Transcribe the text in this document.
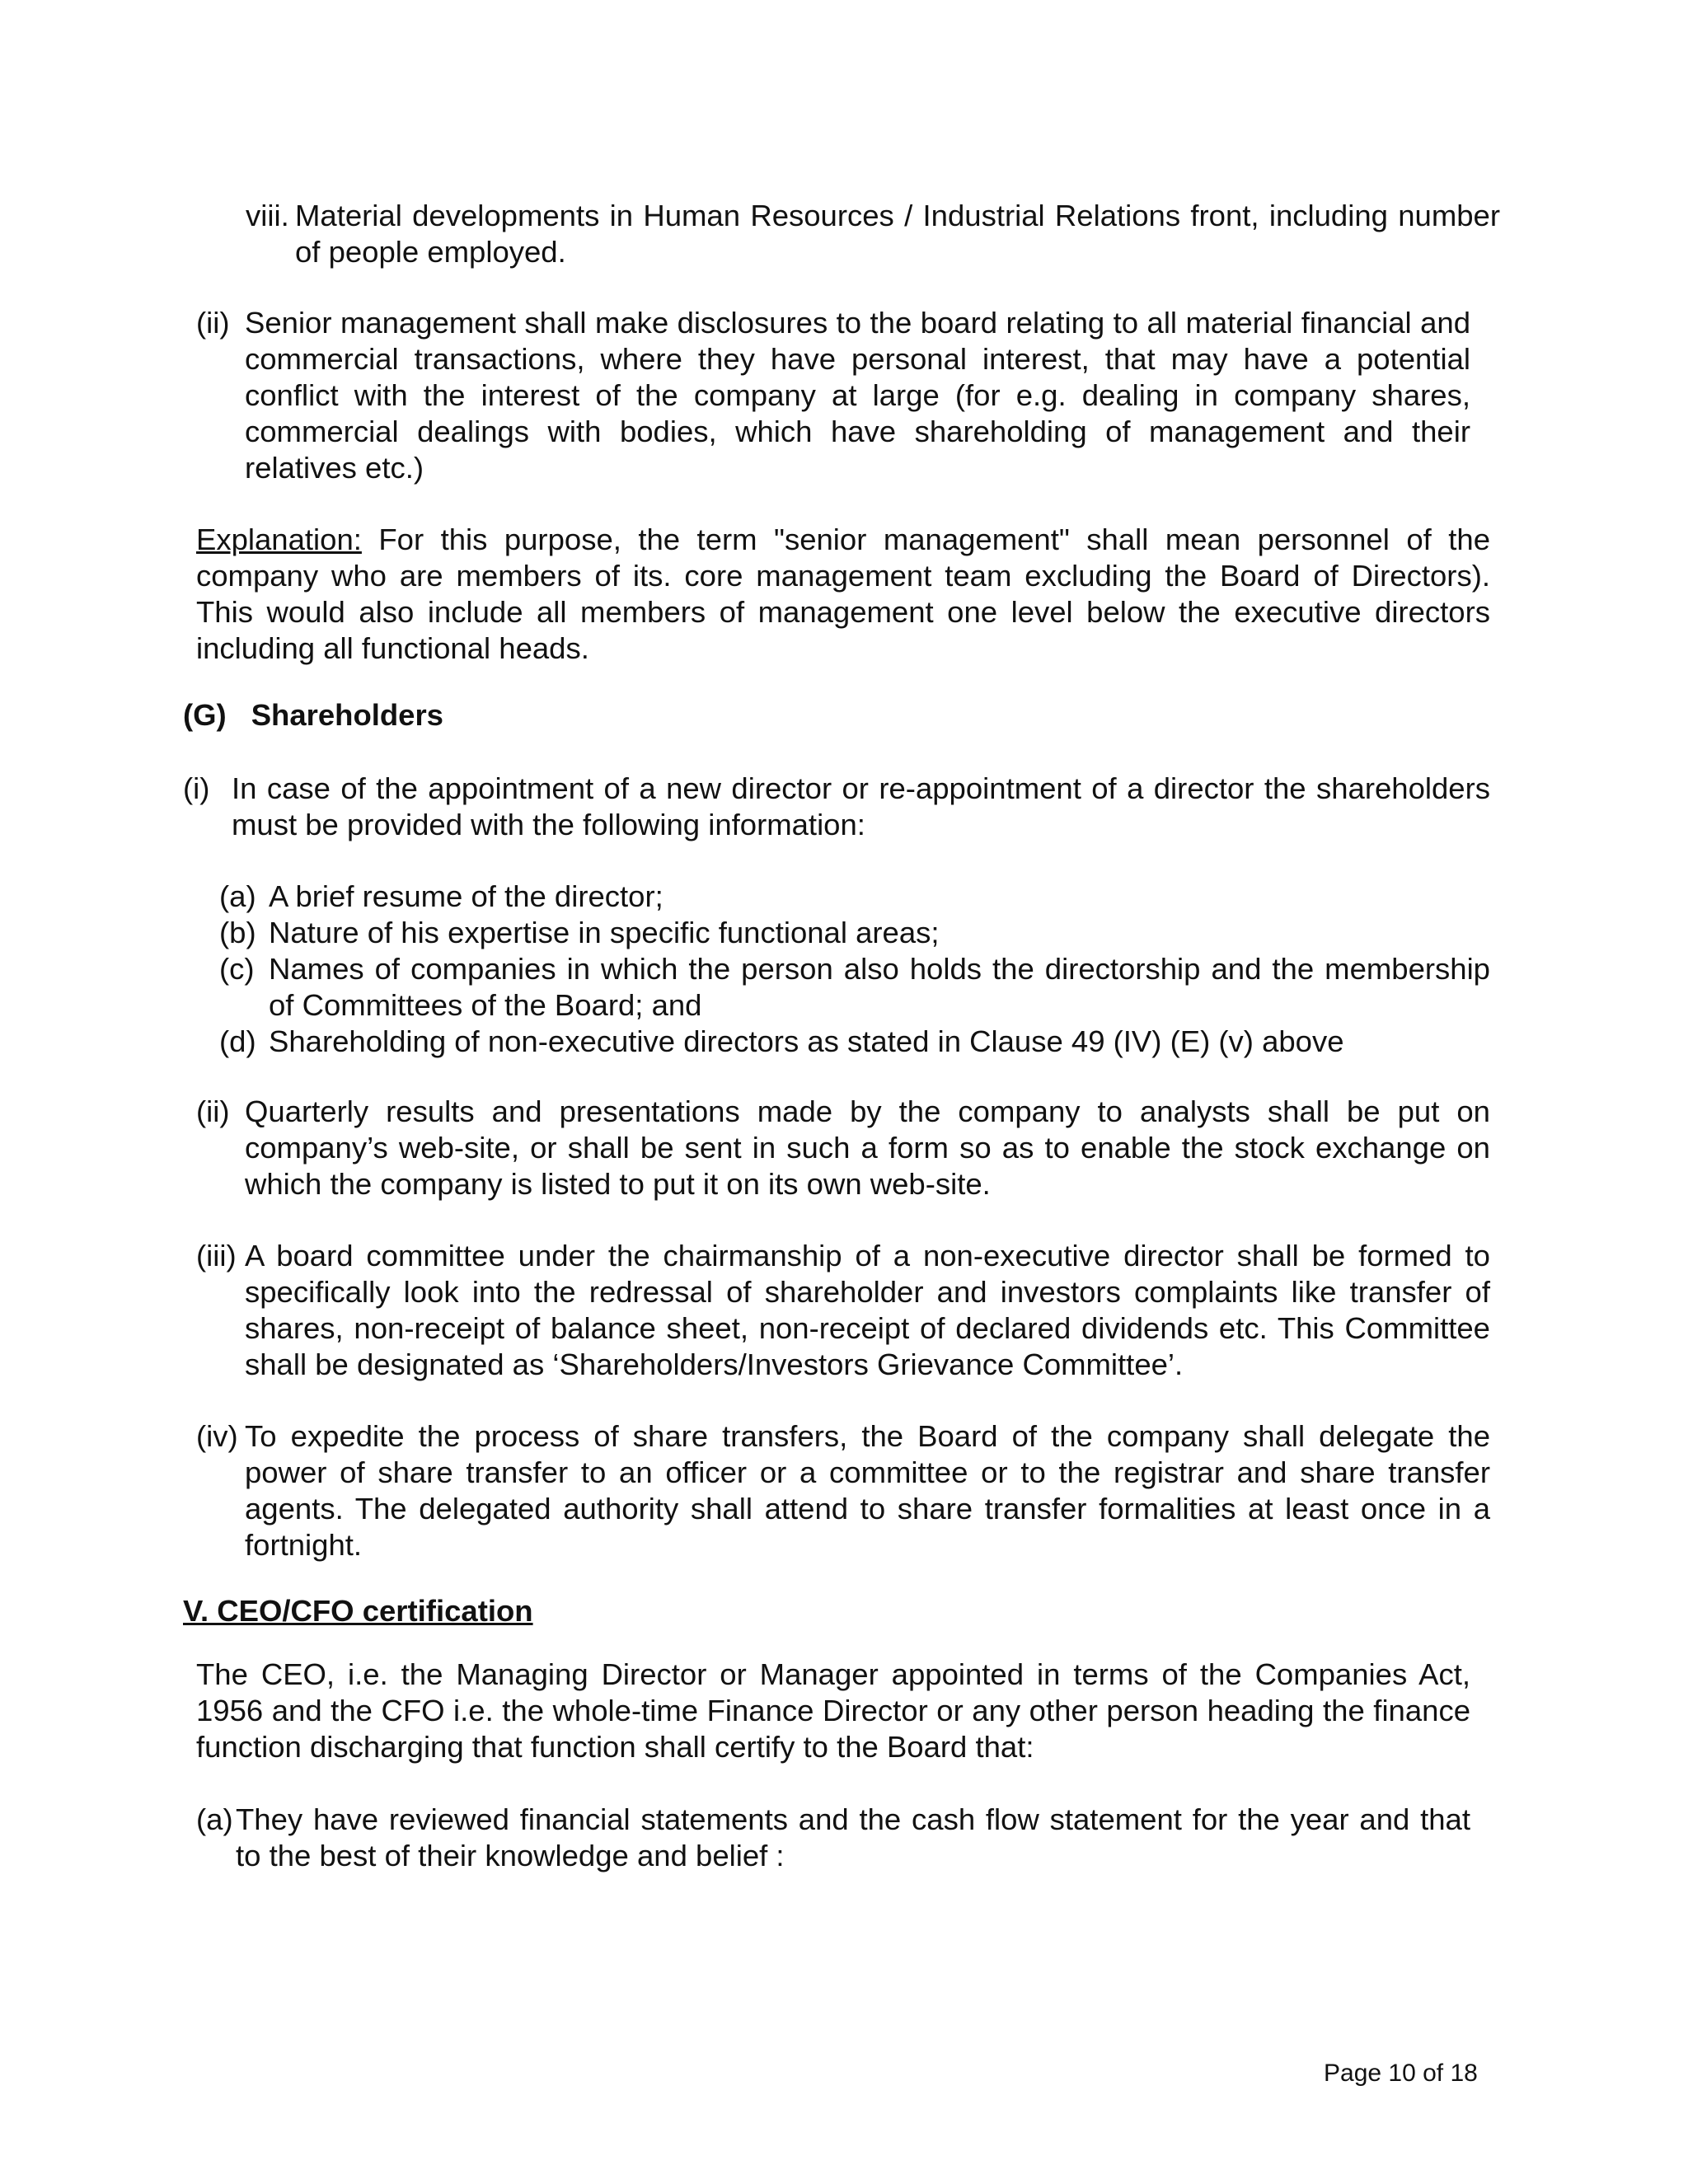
viii. Material developments in Human Resources / Industrial Relations front, including number of people employed.
(ii) Senior management shall make disclosures to the board relating to all material financial and commercial transactions, where they have personal interest, that may have a potential conflict with the interest of the company at large (for e.g. dealing in company shares, commercial dealings with bodies, which have shareholding of management and their relatives etc.)

Explanation: For this purpose, the term "senior management" shall mean personnel of the company who are members of its. core management team excluding the Board of Directors). This would also include all members of management one level below the executive directors including all functional heads.

(G) Shareholders
(i) In case of the appointment of a new director or re-appointment of a director the shareholders must be provided with the following information:
(a) A brief resume of the director;
(b) Nature of his expertise in specific functional areas;
(c) Names of companies in which the person also holds the directorship and the membership of Committees of the Board; and
(d) Shareholding of non-executive directors as stated in Clause 49 (IV) (E) (v) above
(ii) Quarterly results and presentations made by the company to analysts shall be put on company’s web-site, or shall be sent in such a form so as to enable the stock exchange on which the company is listed to put it on its own web-site.
(iii) A board committee under the chairmanship of a non-executive director shall be formed to specifically look into the redressal of shareholder and investors complaints like transfer of shares, non-receipt of balance sheet, non-receipt of declared dividends etc. This Committee shall be designated as ‘Shareholders/Investors Grievance Committee’.
(iv) To expedite the process of share transfers, the Board of the company shall delegate the power of share transfer to an officer or a committee or to the registrar and share transfer agents. The delegated authority shall attend to share transfer formalities at least once in a fortnight.
V. CEO/CFO certification

The CEO, i.e. the Managing Director or Manager appointed in terms of the Companies Act, 1956 and the CFO i.e. the whole-time Finance Director or any other person heading the finance function discharging that function shall certify to the Board that:

(a) They have reviewed financial statements and the cash flow statement for the year and that to the best of their knowledge and belief :
Page 10 of 18
